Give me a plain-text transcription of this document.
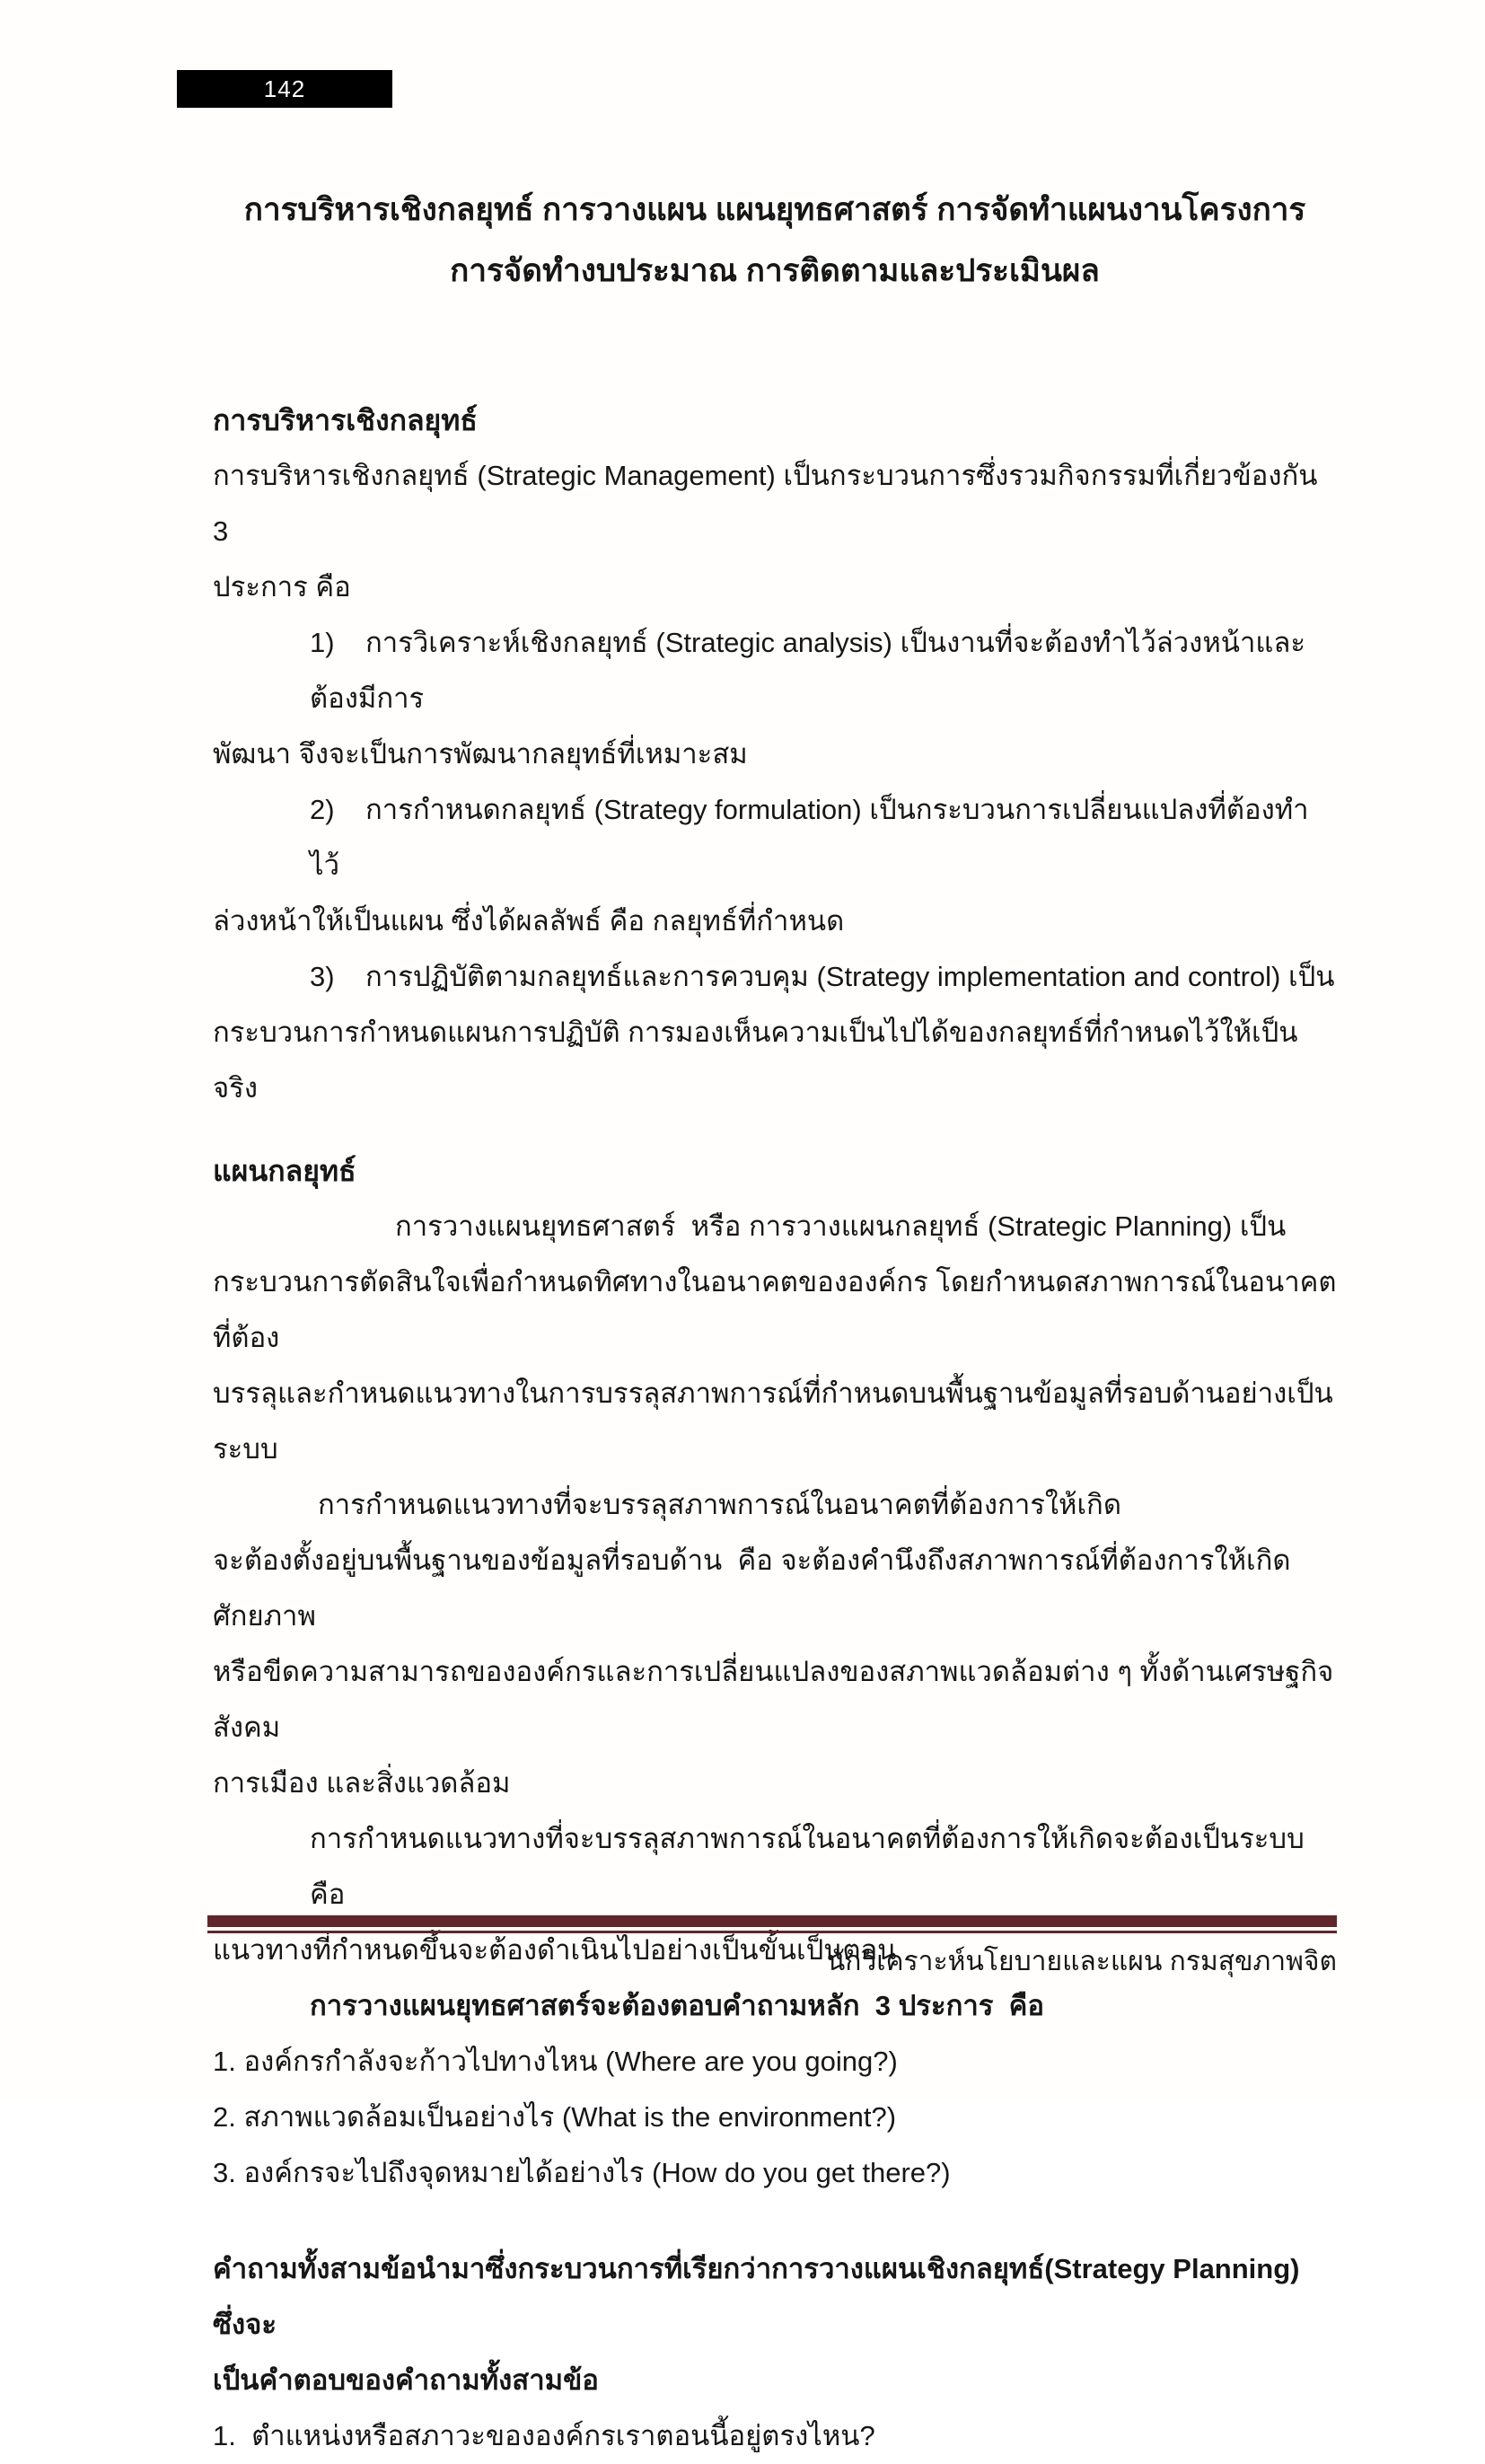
142
การบริหารเชิงกลยุทธ์ การวางแผน แผนยุทธศาสตร์ การจัดทำแผนงานโครงการ
การจัดทำงบประมาณ การติดตามและประเมินผล
การบริหารเชิงกลยุทธ์
การบริหารเชิงกลยุทธ์ (Strategic Management) เป็นกระบวนการซึ่งรวมกิจกรรมที่เกี่ยวข้องกัน 3
ประการ คือ
1)    การวิเคราะห์เชิงกลยุทธ์ (Strategic analysis) เป็นงานที่จะต้องทำไว้ล่วงหน้าและต้องมีการ
พัฒนา จึงจะเป็นการพัฒนากลยุทธ์ที่เหมาะสม
2)    การกำหนดกลยุทธ์ (Strategy formulation) เป็นกระบวนการเปลี่ยนแปลงที่ต้องทำไว้
ล่วงหน้าให้เป็นแผน ซึ่งได้ผลลัพธ์ คือ กลยุทธ์ที่กำหนด
3)    การปฏิบัติตามกลยุทธ์และการควบคุม (Strategy implementation and control) เป็น
กระบวนการกำหนดแผนการปฏิบัติ การมองเห็นความเป็นไปได้ของกลยุทธ์ที่กำหนดไว้ให้เป็นจริง
แผนกลยุทธ์
การวางแผนยุทธศาสตร์  หรือ การวางแผนกลยุทธ์ (Strategic Planning) เป็น
กระบวนการตัดสินใจเพื่อกำหนดทิศทางในอนาคตขององค์กร โดยกำหนดสภาพการณ์ในอนาคตที่ต้อง
บรรลุและกำหนดแนวทางในการบรรลุสภาพการณ์ที่กำหนดบนพื้นฐานข้อมูลที่รอบด้านอย่างเป็นระบบ
การกำหนดแนวทางที่จะบรรลุสภาพการณ์ในอนาคตที่ต้องการให้เกิด
จะต้องตั้งอยู่บนพื้นฐานของข้อมูลที่รอบด้าน  คือ จะต้องคำนึงถึงสภาพการณ์ที่ต้องการให้เกิดศักยภาพ
หรือขีดความสามารถขององค์กรและการเปลี่ยนแปลงของสภาพแวดล้อมต่าง ๆ ทั้งด้านเศรษฐกิจ สังคม
การเมือง และสิ่งแวดล้อม
การกำหนดแนวทางที่จะบรรลุสภาพการณ์ในอนาคตที่ต้องการให้เกิดจะต้องเป็นระบบ  คือ
แนวทางที่กำหนดขึ้นจะต้องดำเนินไปอย่างเป็นขั้นเป็นตอน
การวางแผนยุทธศาสตร์จะต้องตอบคำถามหลัก  3 ประการ  คือ
1. องค์กรกำลังจะก้าวไปทางไหน (Where are you going?)
2. สภาพแวดล้อมเป็นอย่างไร (What is the environment?)
3. องค์กรจะไปถึงจุดหมายได้อย่างไร (How do you get there?)
คำถามทั้งสามข้อนำมาซึ่งกระบวนการที่เรียกว่าการวางแผนเชิงกลยุทธ์(Strategy Planning) ซึ่งจะ
เป็นคำตอบของคำถามทั้งสามข้อ
1.  ตำแหน่งหรือสภาวะขององค์กรเราตอนนี้อยู่ตรงไหน?
นักวิเคราะห์นโยบายและแผน กรมสุขภาพจิต
